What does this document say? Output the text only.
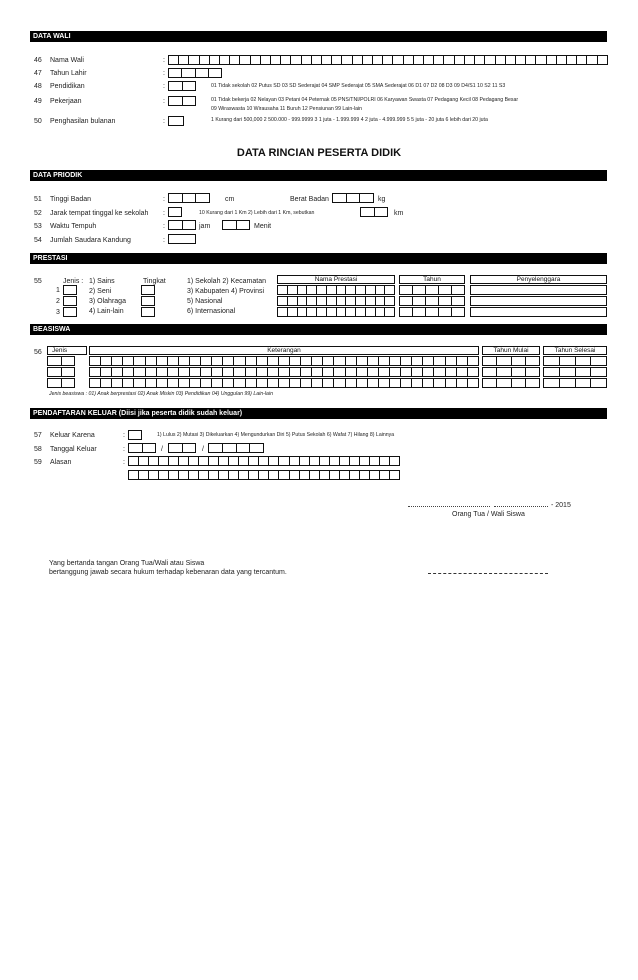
DATA WALI
46 Nama Wali	:
47 Tahun Lahir	:
48 Pendidikan	:	01 Tidak sekolah 02 Putus SD 03 SD Sederajat 04 SMP Sederajat 05 SMA Sederajat 06 D1 07 D2 08 D3 09 D4/S1 10 S2 11 S3
49 Pekerjaan	:	01 Tidak bekerja 02 Nelayan 03 Petani 04 Peternak 05 PNS/TNI/POLRI 06 Karyawan Swasta 07 Pedagang Kecil 08 Pedagang Besar
09 Wiraswasta 10 Wirausaha 11 Buruh 12 Pensiunan 99 Lain-lain
50 Penghasilan bulanan	:	1 Kurang dari 500,000 2 500.000 - 999.9999 3 1 juta - 1.999.999 4 2 juta - 4.999.999 5 5 juta - 20 juta 6 lebih dari 20 juta
DATA RINCIAN PESERTA DIDIK
DATA PRIODIK
51 Tinggi Badan	:	cm	Berat Badan	kg
52 Jarak tempat tinggal ke sekolah :	10 Kurang dari 1 Km 2) Lebih dari 1 Km, sebutkan	km
53 Waktu Tempuh	:	jam	Menit
54 Jumlah Saudara Kandung	:
PRESTASI
55	Jenis :	Tingkat
1) Sains
2) Seni
3) Olahraga
4) Lain-lain
1) Sekolah 2) Kecamatan
3) Kabupaten 4) Provinsi
5) Nasional
6) Internasional
Nama Prestasi	Tahun	Penyelenggara
1
2
3
BEASISWA
56	Jenis	Keterangan	Tahun Mulai	Tahun Selesai
Jenis beasiswa : 01) Anak berprestasi 02) Anak Miskin 03) Pendidikan 04) Unggulan 99) Lain-lain
PENDAFTARAN KELUAR (Diisi jika peserta didik sudah keluar)
57 Keluar Karena	:	1) Lulus 2) Mutasi 3) Dikeluarkan 4) Mengundurkan Diri 5) Putus Sekolah 6) Wafat 7) Hilang 8) Lainnya
58 Tanggal Keluar	:	/	/
59 Alasan	:
- 2015
Orang Tua / Wali Siswa
Yang bertanda tangan Orang Tua/Wali atau Siswa
bertanggung jawab secara hukum terhadap kebenaran data yang tercantum.
